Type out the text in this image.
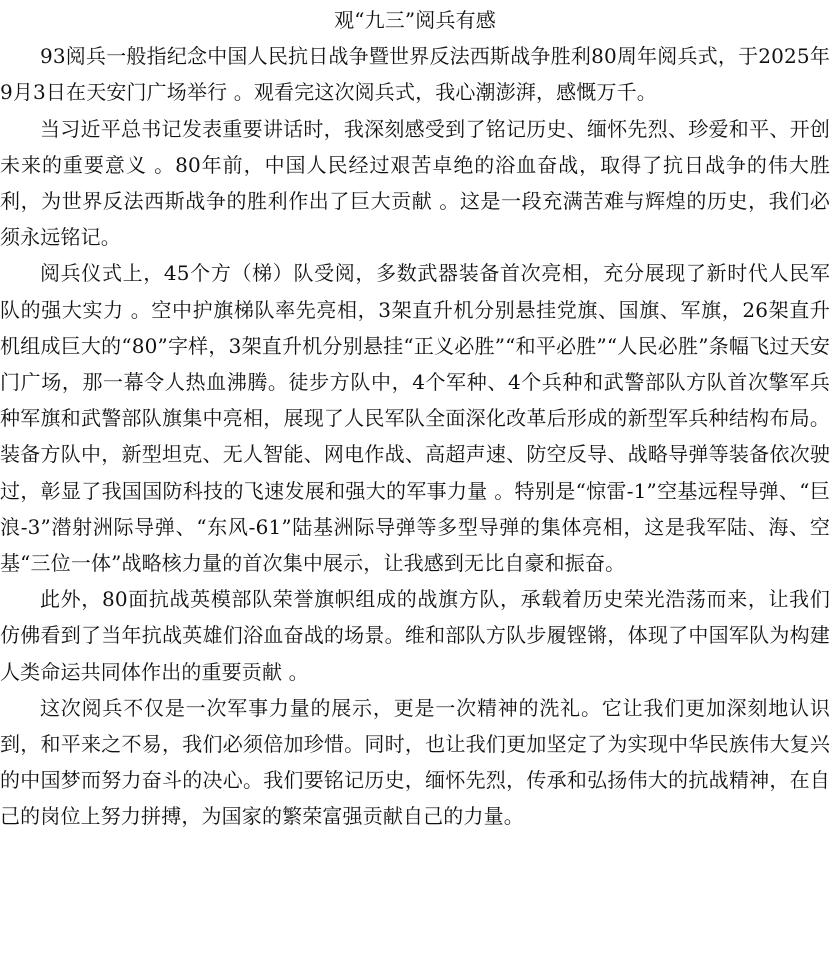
观“九三”阅兵有感

93阅兵一般指纪念中国人民抗日战争暨世界反法西斯战争胜利80周年阅兵式，于2025年9月3日在天安门广场举行 。观看完这次阅兵式，我心潮澎湃，感慨万千。

当习近平总书记发表重要讲话时，我深刻感受到了铭记历史、缅怀先烈、珍爱和平、开创未来的重要意义 。80年前，中国人民经过艰苦卓绝的浴血奋战，取得了抗日战争的伟大胜利，为世界反法西斯战争的胜利作出了巨大贡献 。这是一段充满苦难与辉煌的历史，我们必须永远铭记。

阅兵仪式上，45个方（梯）队受阅，多数武器装备首次亮相，充分展现了新时代人民军队的强大实力 。空中护旗梯队率先亮相，3架直升机分别悬挂党旗、国旗、军旗，26架直升机组成巨大的“80”字样，3架直升机分别悬挂“正义必胜”“和平必胜”“人民必胜”条幅飞过天安门广场，那一幕令人热血沸腾。徒步方队中，4个军种、4个兵种和武警部队方队首次擎军兵种军旗和武警部队旗集中亮相，展现了人民军队全面深化改革后形成的新型军兵种结构布局。装备方队中，新型坦克、无人智能、网电作战、高超声速、防空反导、战略导弹等装备依次驶过，彰显了我国国防科技的飞速发展和强大的军事力量 。特别是“惊雷-1”空基远程导弹、“巨浪-3”潜射洲际导弹、“东风-61”陆基洲际导弹等多型导弹的集体亮相，这是我军陆、海、空基“三位一体”战略核力量的首次集中展示，让我感到无比自豪和振奋。

此外，80面抗战英模部队荣誉旗帜组成的战旗方队，承载着历史荣光浩荡而来，让我们仿佛看到了当年抗战英雄们浴血奋战的场景。维和部队方队步履铿锵，体现了中国军队为构建人类命运共同体作出的重要贡献 。

这次阅兵不仅是一次军事力量的展示，更是一次精神的洗礼。它让我们更加深刻地认识到，和平来之不易，我们必须倍加珍惜。同时，也让我们更加坚定了为实现中华民族伟大复兴的中国梦而努力奋斗的决心。我们要铭记历史，缅怀先烈，传承和弘扬伟大的抗战精神，在自己的岗位上努力拼搏，为国家的繁荣富强贡献自己的力量。
